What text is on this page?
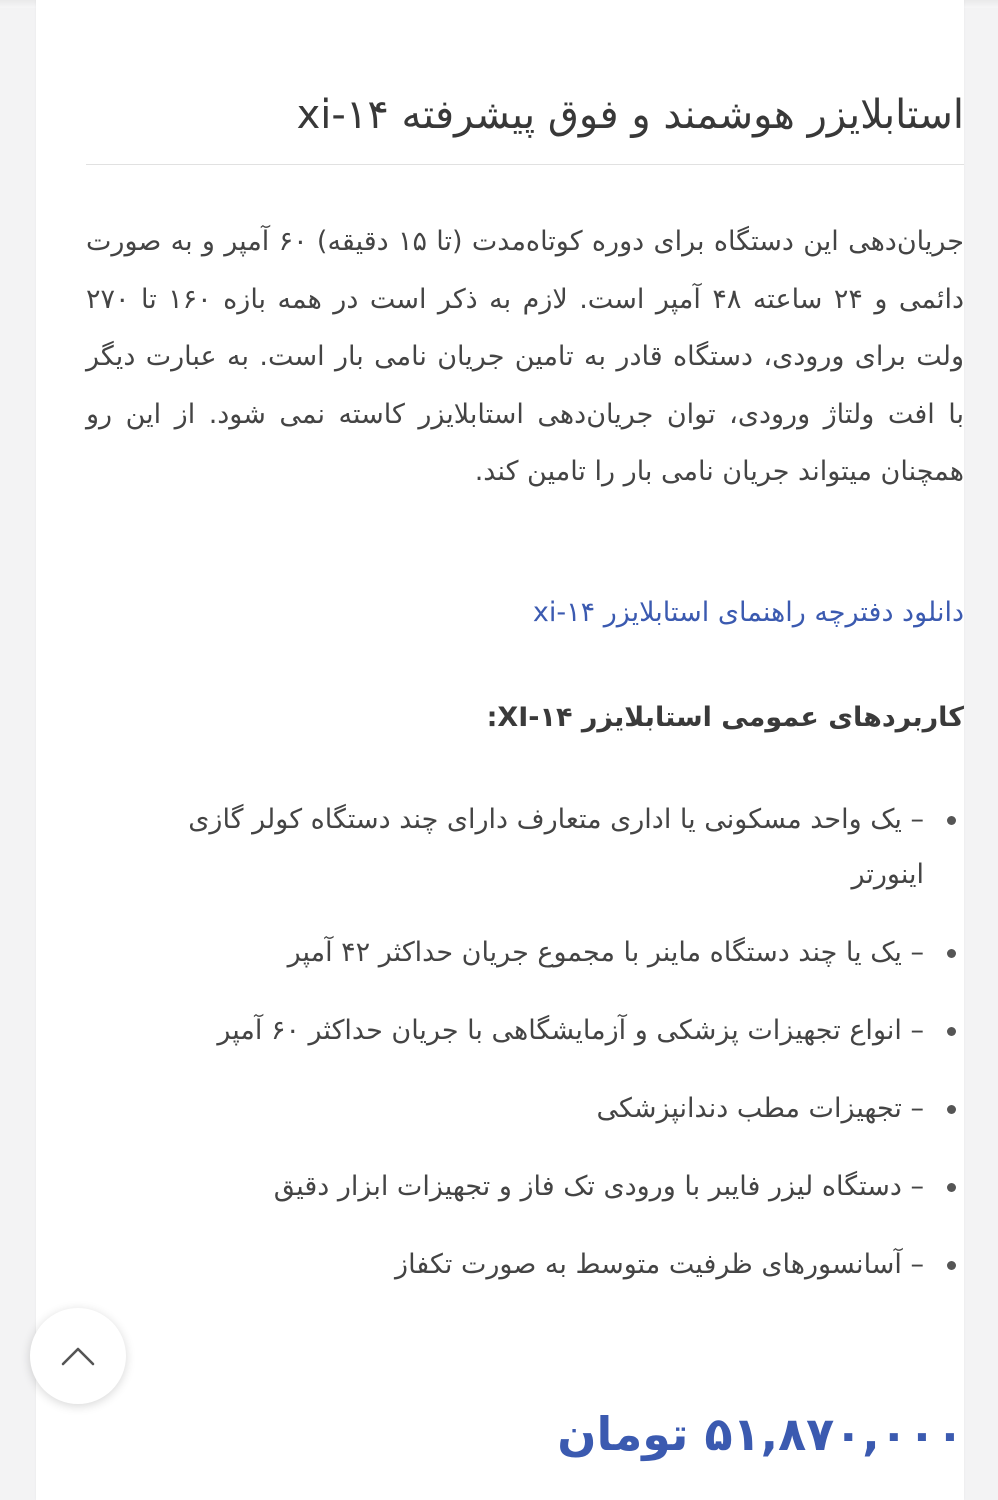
استابلایزر هوشمند و فوق پیشرفته xi-۱۴

جریان‌دهی این دستگاه برای دوره کوتاه‌مدت (تا ۱۵ دقیقه) ۶۰ آمپر و به صورت دائمی و ۲۴ ساعته ۴۸ آمپر است. لازم به ذکر است در همه بازه ۱۶۰ تا ۲۷۰ ولت برای ورودی، دستگاه قادر به تامین جریان نامی بار است. به عبارت دیگر با افت ولتاژ ورودی، توان جریان‌دهی استابلایزر کاسته نمی شود. از این رو همچنان میتواند جریان نامی بار را تامین کند.

دانلود دفترچه راهنمای استابلایزر xi-۱۴
کاربردهای عمومی استابلایزر XI-۱۴:
– یک واحد مسکونی یا اداری متعارف دارای چند دستگاه کولر گازی اینورتر
– یک یا چند دستگاه ماینر با مجموع جریان حداکثر ۴۲ آمپر
– انواع تجهیزات پزشکی و آزمایشگاهی با جریان حداکثر ۶۰ آمپر
– تجهیزات مطب دندانپزشکی
– دستگاه لیزر فایبر با ورودی تک فاز و تجهیزات ابزار دقیق
– آسانسورهای ظرفیت متوسط به صورت تکفاز
۵۱,۸۷۰,۰۰۰ تومان
